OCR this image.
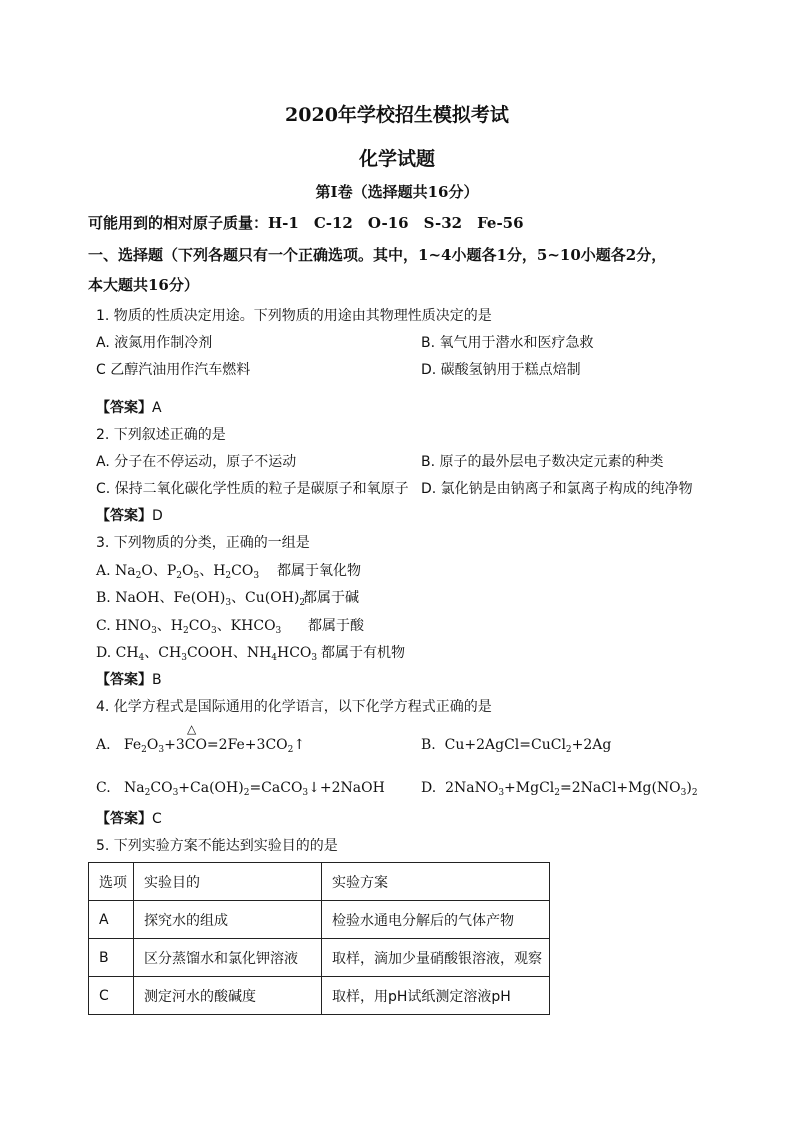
2020年学校招生模拟考试
化学试题
第I卷（选择题共16分）
可能用到的相对原子质量：H-1　C-12　O-16　S-32　Fe-56
一、选择题（下列各题只有一个正确选项。其中，1~4小题各1分，5~10小题各2分，
本大题共16分）
1. 物质的性质决定用途。下列物质的用途由其物理性质决定的是
A. 液氮用作制冷剂	B. 氧气用于潜水和医疗急救
C 乙醇汽油用作汽车燃料	D. 碳酸氢钠用于糕点焙制
【答案】A
2. 下列叙述正确的是
A. 分子在不停运动，原子不运动	B. 原子的最外层电子数决定元素的种类
C. 保持二氧化碳化学性质的粒子是碳原子和氧原子 D. 氯化钠是由钠离子和氯离子构成的纯净物
【答案】D
3. 下列物质的分类，正确的一组是
A. $Na_2O$、$P_2O_5$、$H_2CO_3$ 都属于氧化物
B. NaOH、$Fe(OH)_3$、$Cu(OH)_2$
都属于碱
C. $HNO_3$、$H_2CO_3$、$KHCO_3$ 都属于酸
D. $CH_4$、$CH_3COOH$、$NH_4HCO_3$ 都属于有机物
【答案】B
4. 化学方程式是国际通用的化学语言，以下化学方程式正确的是
△
A.   $Fe_2O_3+3CO=2Fe+3CO_2↑$	B.  Cu+2AgCl=CuCl$_2$+2Ag
C.   $Na_2CO_3+Ca(OH)_2=CaCO_3↓+2NaOH$	D.  $2NaNO_3+MgCl_2=2NaCl+Mg(NO_3)_2$
【答案】C
5. 下列实验方案不能达到实验目的的是
选项	实验目的	实验方案
A	探究水的组成	检验水通电分解后的气体产物
B	区分蒸馏水和氯化钾溶液	取样，滴加少量硝酸银溶液，观察
C	测定河水的酸碱度	取样，用pH试纸测定溶液pH
